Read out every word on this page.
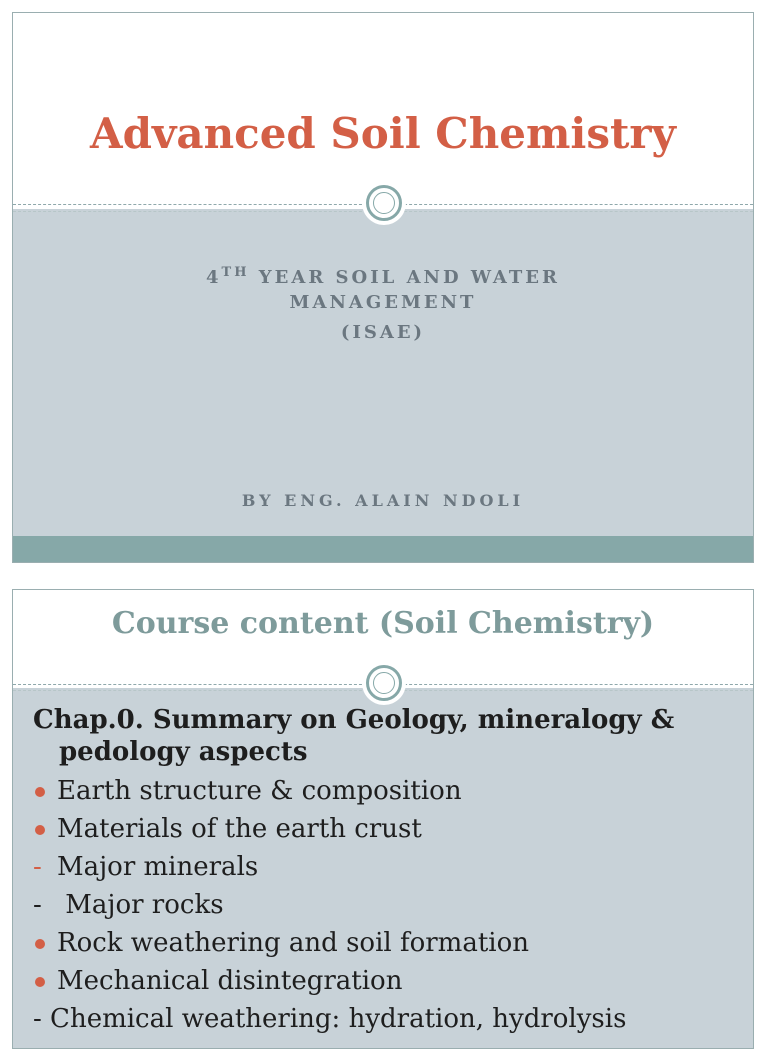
Advanced Soil Chemistry
4TH YEAR SOIL AND WATER
MANAGEMENT
(ISAE)
BY ENG. ALAIN NDOLI
Course content (Soil Chemistry)
Chap.0. Summary on Geology, mineralogy & pedology aspects
Earth structure & composition
Materials of the earth crust
- Major minerals
- Major rocks
Rock weathering and soil formation
Mechanical disintegration
- Chemical weathering: hydration, hydrolysis
